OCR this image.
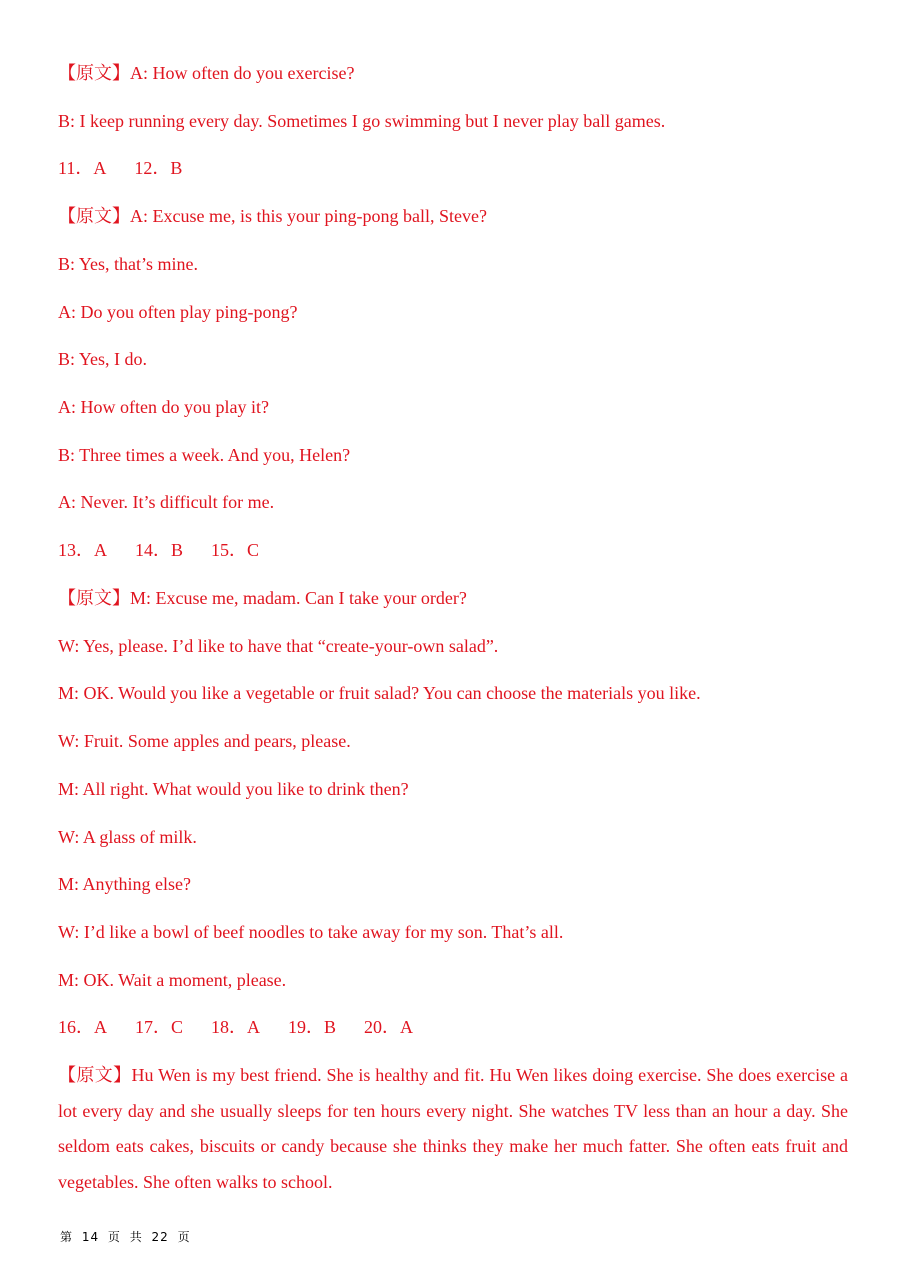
【原文】A: How often do you exercise?
B: I keep running every day. Sometimes I go swimming but I never play ball games.
11．A 12．B
【原文】A: Excuse me, is this your ping-pong ball, Steve?
B: Yes, that’s mine.
A: Do you often play ping-pong?
B: Yes, I do.
A: How often do you play it?
B: Three times a week. And you, Helen?
A: Never. It’s difficult for me.
13．A 14．B 15．C
【原文】M: Excuse me, madam. Can I take your order?
W: Yes, please. I’d like to have that “create-your-own salad”.
M: OK. Would you like a vegetable or fruit salad? You can choose the materials you like.
W: Fruit. Some apples and pears, please.
M: All right. What would you like to drink then?
W: A glass of milk.
M: Anything else?
W: I’d like a bowl of beef noodles to take away for my son. That’s all.
M: OK. Wait a moment, please.
16．A 17．C 18．A 19．B 20．A
【原文】Hu Wen is my best friend. She is healthy and fit. Hu Wen likes doing exercise. She does exercise a lot every day and she usually sleeps for ten hours every night. She watches TV less than an hour a day. She seldom eats cakes, biscuits or candy because she thinks they make her much fatter. She often eats fruit and vegetables. She often walks to school.
第 14 页 共 22 页
